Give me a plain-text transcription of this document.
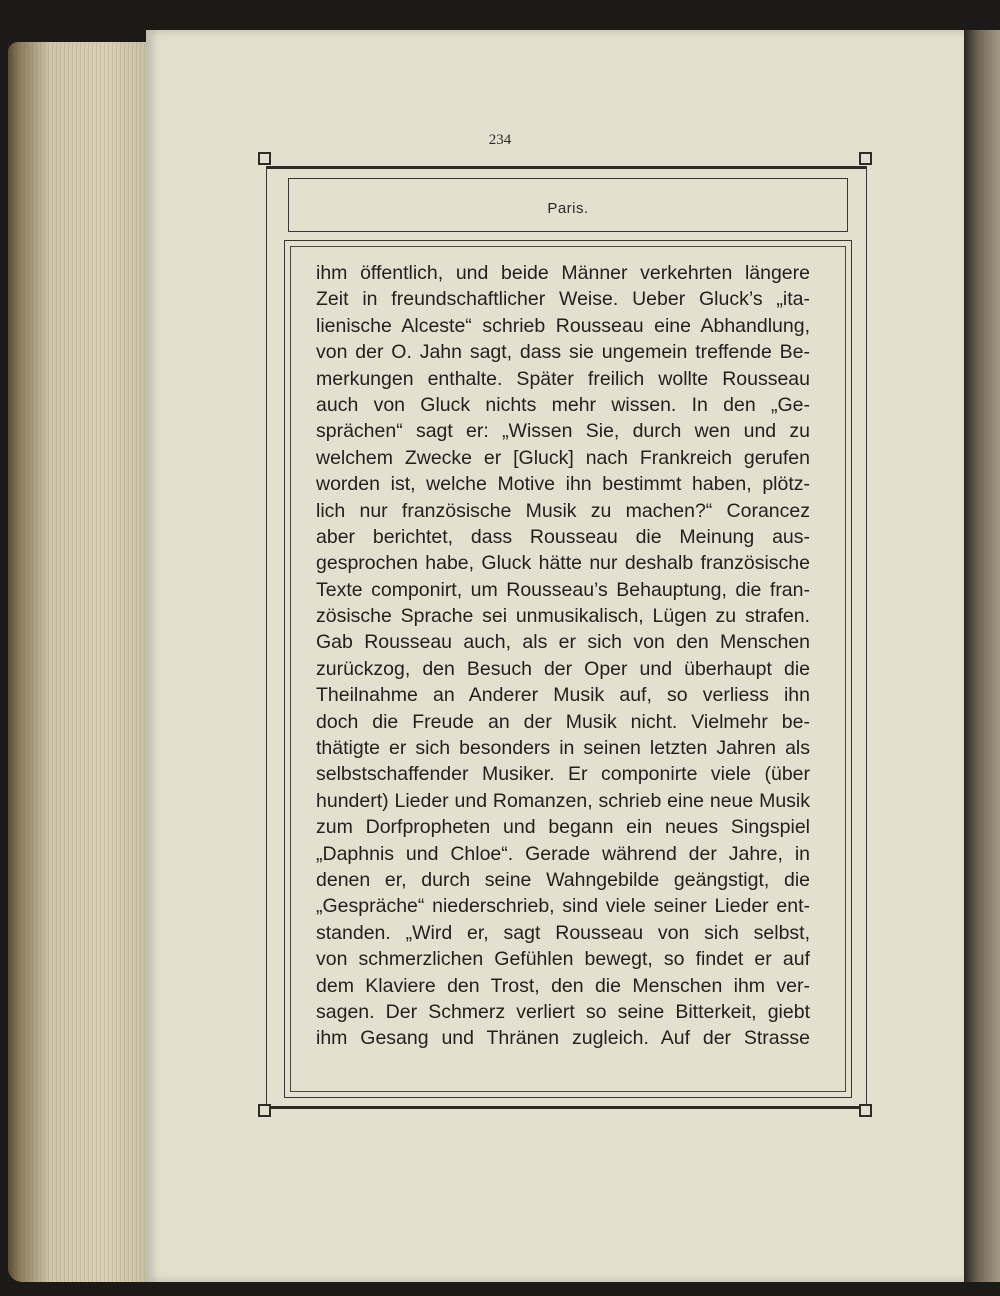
234
Paris.
ihm öffentlich, und beide Männer verkehrten längere
Zeit in freundschaftlicher Weise. Ueber Gluck’s „ita-
lienische Alceste“ schrieb Rousseau eine Abhandlung,
von der O. Jahn sagt, dass sie ungemein treffende Be-
merkungen enthalte. Später freilich wollte Rousseau
auch von Gluck nichts mehr wissen. In den „Ge-
sprächen“ sagt er: „Wissen Sie, durch wen und zu
welchem Zwecke er [Gluck] nach Frankreich gerufen
worden ist, welche Motive ihn bestimmt haben, plötz-
lich nur französische Musik zu machen?“ Corancez
aber berichtet, dass Rousseau die Meinung aus-
gesprochen habe, Gluck hätte nur deshalb französische
Texte componirt, um Rousseau’s Behauptung, die fran-
zösische Sprache sei unmusikalisch, Lügen zu strafen.
Gab Rousseau auch, als er sich von den Menschen
zurückzog, den Besuch der Oper und überhaupt die
Theilnahme an Anderer Musik auf, so verliess ihn
doch die Freude an der Musik nicht. Vielmehr be-
thätigte er sich besonders in seinen letzten Jahren als
selbstschaffender Musiker. Er componirte viele (über
hundert) Lieder und Romanzen, schrieb eine neue Musik
zum Dorfpropheten und begann ein neues Singspiel
„Daphnis und Chloe“. Gerade während der Jahre, in
denen er, durch seine Wahngebilde geängstigt, die
„Gespräche“ niederschrieb, sind viele seiner Lieder ent-
standen. „Wird er, sagt Rousseau von sich selbst,
von schmerzlichen Gefühlen bewegt, so findet er auf
dem Klaviere den Trost, den die Menschen ihm ver-
sagen. Der Schmerz verliert so seine Bitterkeit, giebt
ihm Gesang und Thränen zugleich. Auf der Strasse
